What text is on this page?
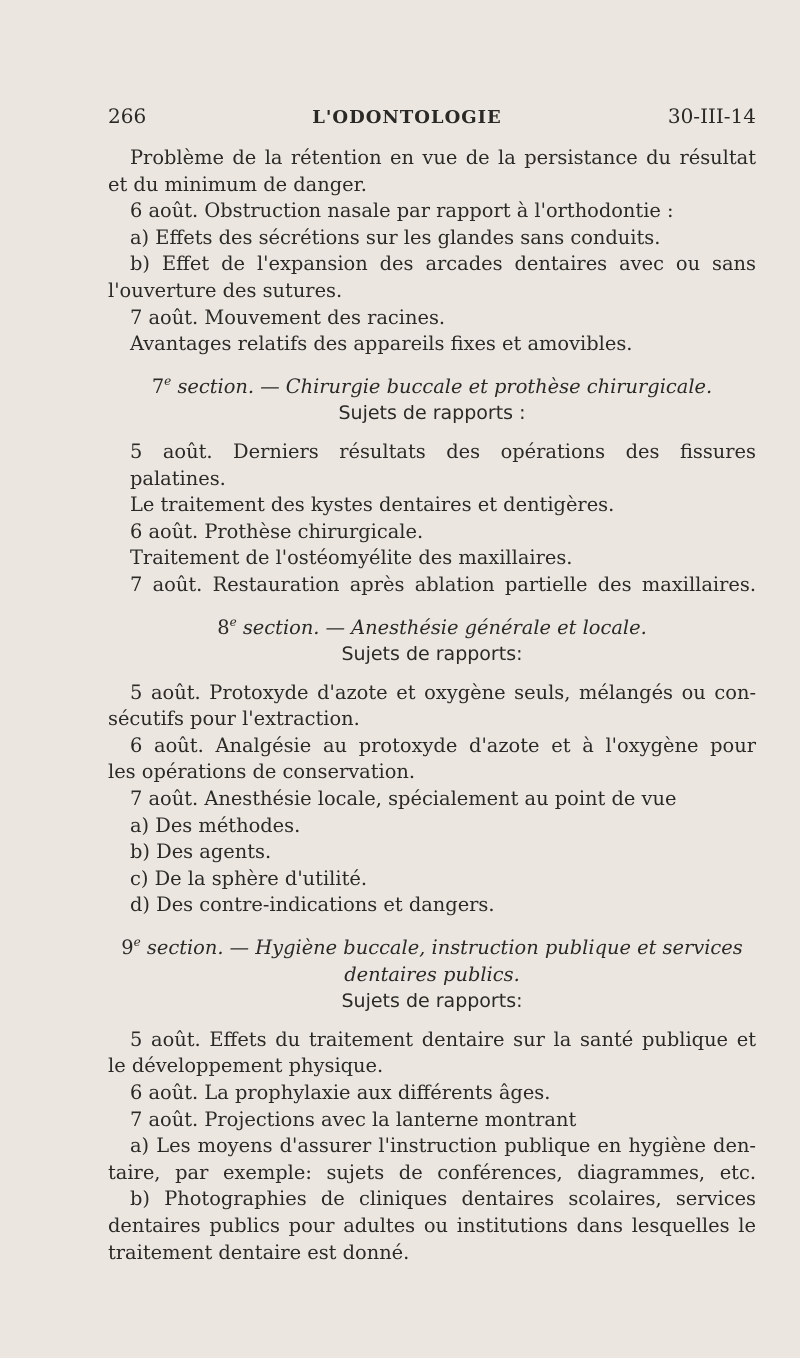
266	L'ODONTOLOGIE	30-III-14
Problème de la rétention en vue de la persistance du résultat
et du minimum de danger.
6 août. Obstruction nasale par rapport à l'orthodontie :
a) Effets des sécrétions sur les glandes sans conduits.
b) Effet de l'expansion des arcades dentaires avec ou sans
l'ouverture des sutures.
7 août. Mouvement des racines.
Avantages relatifs des appareils fixes et amovibles.
7e section. — Chirurgie buccale et prothèse chirurgicale.
Sujets de rapports :
5 août. Derniers résultats des opérations des fissures palatines.
Le traitement des kystes dentaires et dentigères.
6 août. Prothèse chirurgicale.
Traitement de l'ostéomyélite des maxillaires.
7 août. Restauration après ablation partielle des maxillaires.
8e section. — Anesthésie générale et locale.
Sujets de rapports:
5 août. Protoxyde d'azote et oxygène seuls, mélangés ou con-
sécutifs pour l'extraction.
6 août. Analgésie au protoxyde d'azote et à l'oxygène pour
les opérations de conservation.
7 août. Anesthésie locale, spécialement au point de vue
a) Des méthodes.
b) Des agents.
c) De la sphère d'utilité.
d) Des contre-indications et dangers.
9e section. — Hygiène buccale, instruction publique et services
dentaires publics.
Sujets de rapports:
5 août. Effets du traitement dentaire sur la santé publique et
le développement physique.
6 août. La prophylaxie aux différents âges.
7 août. Projections avec la lanterne montrant
a) Les moyens d'assurer l'instruction publique en hygiène den-
taire, par exemple: sujets de conférences, diagrammes, etc.
b) Photographies de cliniques dentaires scolaires, services
dentaires publics pour adultes ou institutions dans lesquelles le
traitement dentaire est donné.
